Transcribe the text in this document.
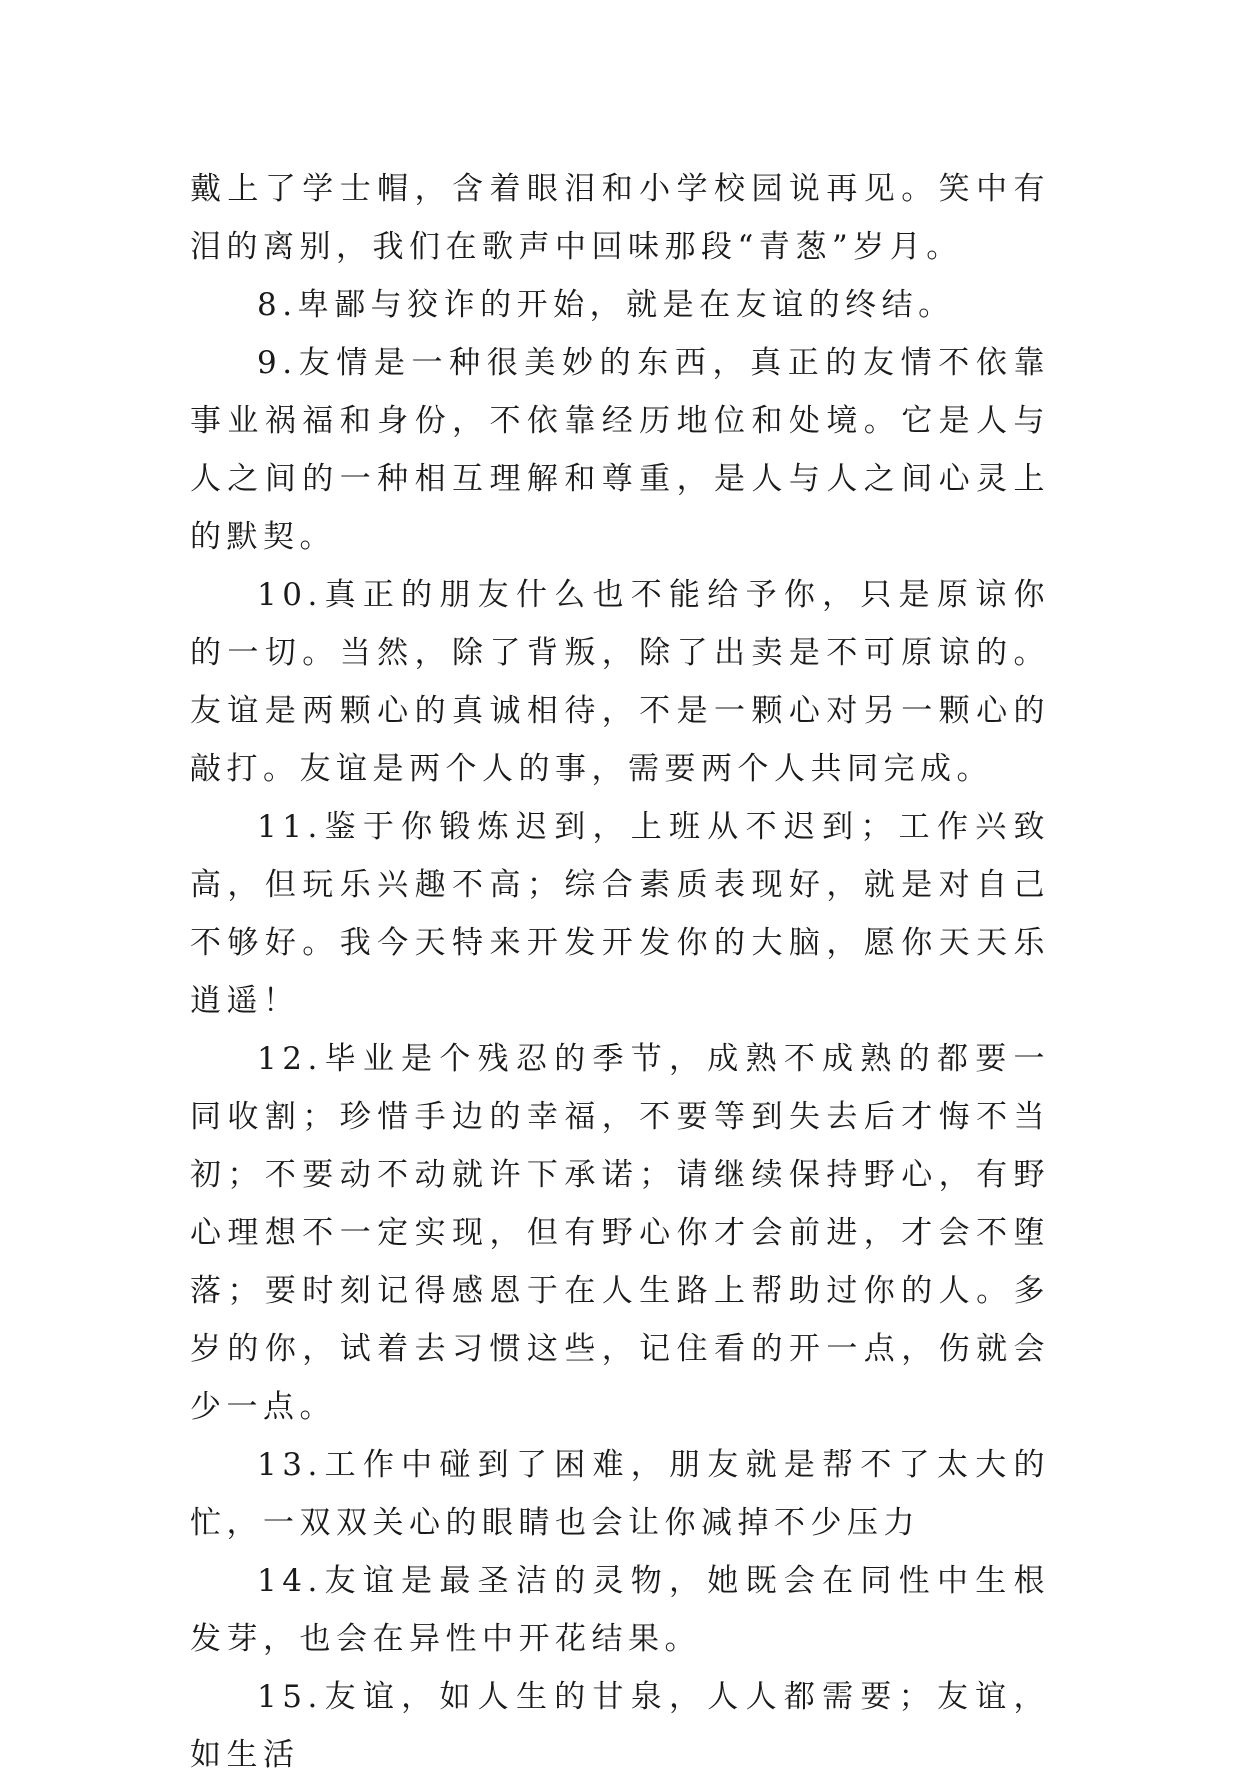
戴上了学士帽，含着眼泪和小学校园说再见。笑中有泪的离别，我们在歌声中回味那段“青葱”岁月。

8.卑鄙与狡诈的开始，就是在友谊的终结。

9.友情是一种很美妙的东西，真正的友情不依靠事业祸福和身份，不依靠经历地位和处境。它是人与人之间的一种相互理解和尊重，是人与人之间心灵上的默契。

10.真正的朋友什么也不能给予你，只是原谅你的一切。当然，除了背叛，除了出卖是不可原谅的。友谊是两颗心的真诚相待，不是一颗心对另一颗心的敲打。友谊是两个人的事，需要两个人共同完成。

11.鉴于你锻炼迟到，上班从不迟到；工作兴致高，但玩乐兴趣不高；综合素质表现好，就是对自己不够好。我今天特来开发开发你的大脑，愿你天天乐逍遥！

12.毕业是个残忍的季节，成熟不成熟的都要一同收割；珍惜手边的幸福，不要等到失去后才悔不当初；不要动不动就许下承诺；请继续保持野心，有野心理想不一定实现，但有野心你才会前进，才会不堕落；要时刻记得感恩于在人生路上帮助过你的人。多岁的你，试着去习惯这些，记住看的开一点，伤就会少一点。

13.工作中碰到了困难，朋友就是帮不了太大的忙，一双双关心的眼睛也会让你减掉不少压力

14.友谊是最圣洁的灵物，她既会在同性中生根发芽，也会在异性中开花结果。

15.友谊，如人生的甘泉，人人都需要；友谊，如生活
